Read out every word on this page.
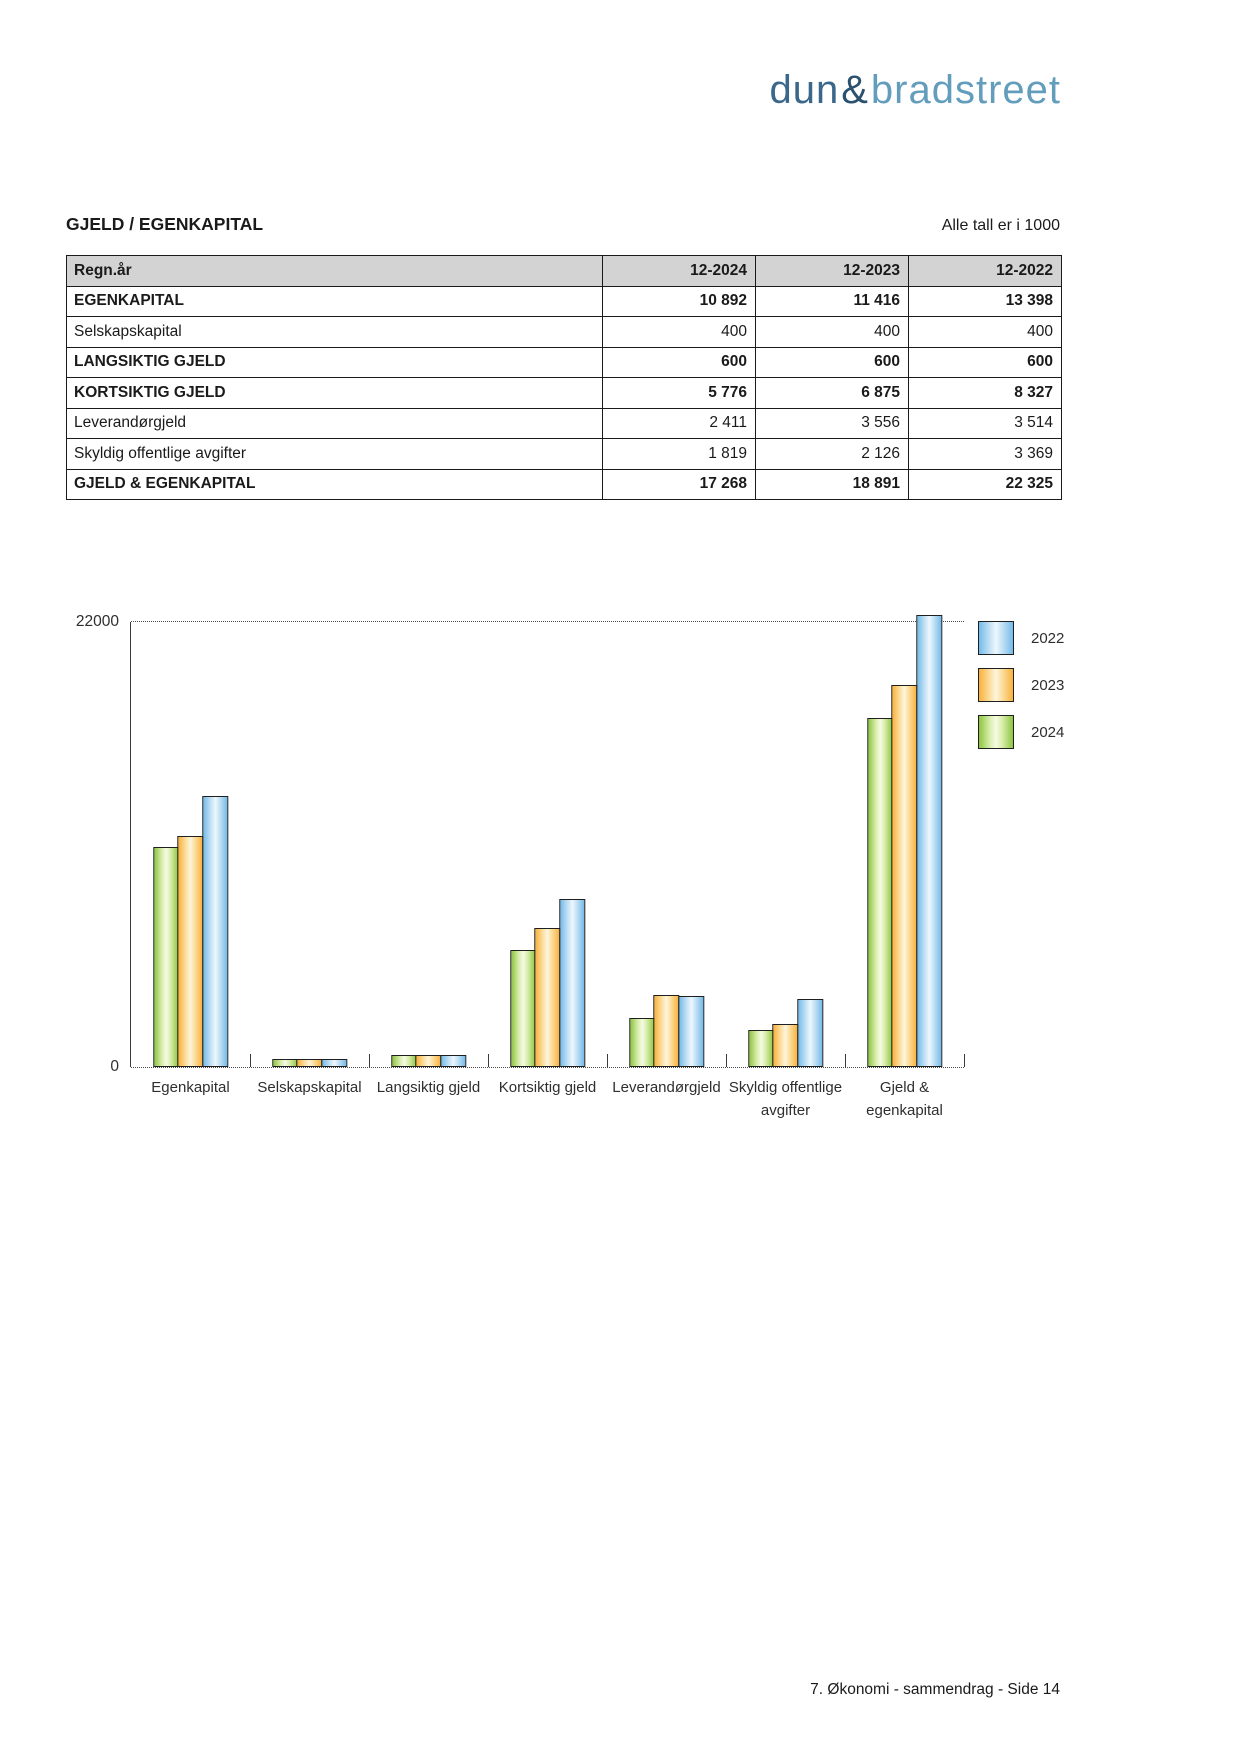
dun&bradstreet
GJELD / EGENKAPITAL	Alle tall er i 1000
Regn.år	12-2024	12-2023	12-2022
EGENKAPITAL	10 892	11 416	13 398
Selskapskapital	400	400	400
LANGSIKTIG GJELD	600	600	600
KORTSIKTIG GJELD	5 776	6 875	8 327
Leverandørgjeld	2 411	3 556	3 514
Skyldig offentlige avgifter	1 819	2 126	3 369
GJELD & EGENKAPITAL	17 268	18 891	22 325
22000
0
Egenkapital Selskapskapital Langsiktig gjeld Kortsiktig gjeld Leverandørgjeld Skyldig offentlige
avgifter
Gjeld &
egenkapital
2022
2023
2024
7. Økonomi - sammendrag - Side 14
